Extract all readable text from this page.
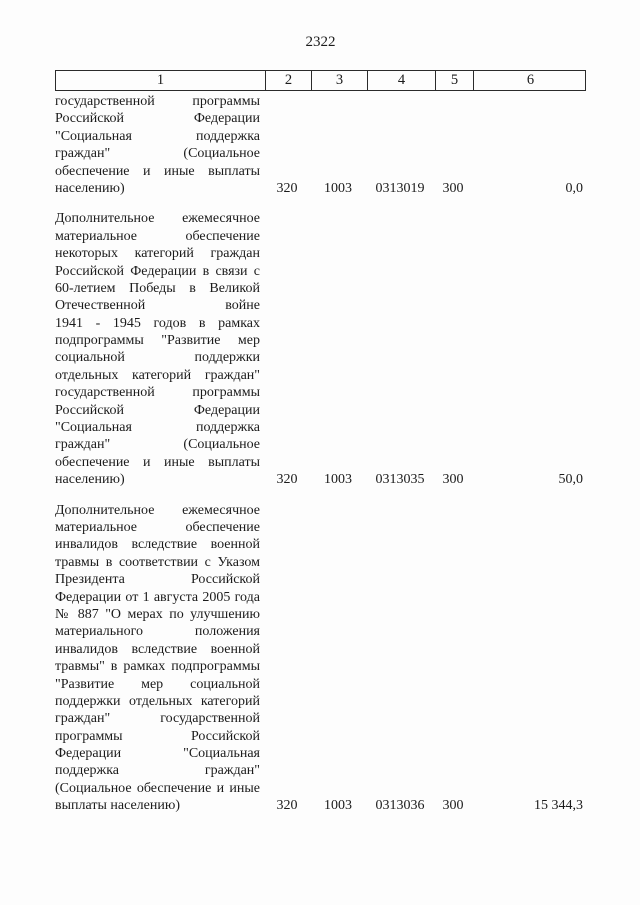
2322
1	2	3	4	5	6
государственной программы
Российской Федерации
"Социальная поддержка
граждан" (Социальное
обеспечение и иные выплаты
населению)	320	1003	0313019	300	0,0
Дополнительное ежемесячное
материальное обеспечение
некоторых категорий граждан
Российской Федерации в связи с
60-летием Победы в Великой
Отечественной войне
1941 - 1945 годов в рамках
подпрограммы "Развитие мер
социальной поддержки
отдельных категорий граждан"
государственной программы
Российской Федерации
"Социальная поддержка
граждан" (Социальное
обеспечение и иные выплаты
населению)	320	1003	0313035	300	50,0
Дополнительное ежемесячное
материальное обеспечение
инвалидов вследствие военной
травмы в соответствии с Указом
Президента Российской
Федерации от 1 августа 2005 года
№ 887 "О мерах по улучшению
материального положения
инвалидов вследствие военной
травмы" в рамках подпрограммы
"Развитие мер социальной
поддержки отдельных категорий
граждан" государственной
программы Российской
Федерации "Социальная
поддержка граждан"
(Социальное обеспечение и иные
выплаты населению)	320	1003	0313036	300	15 344,3
